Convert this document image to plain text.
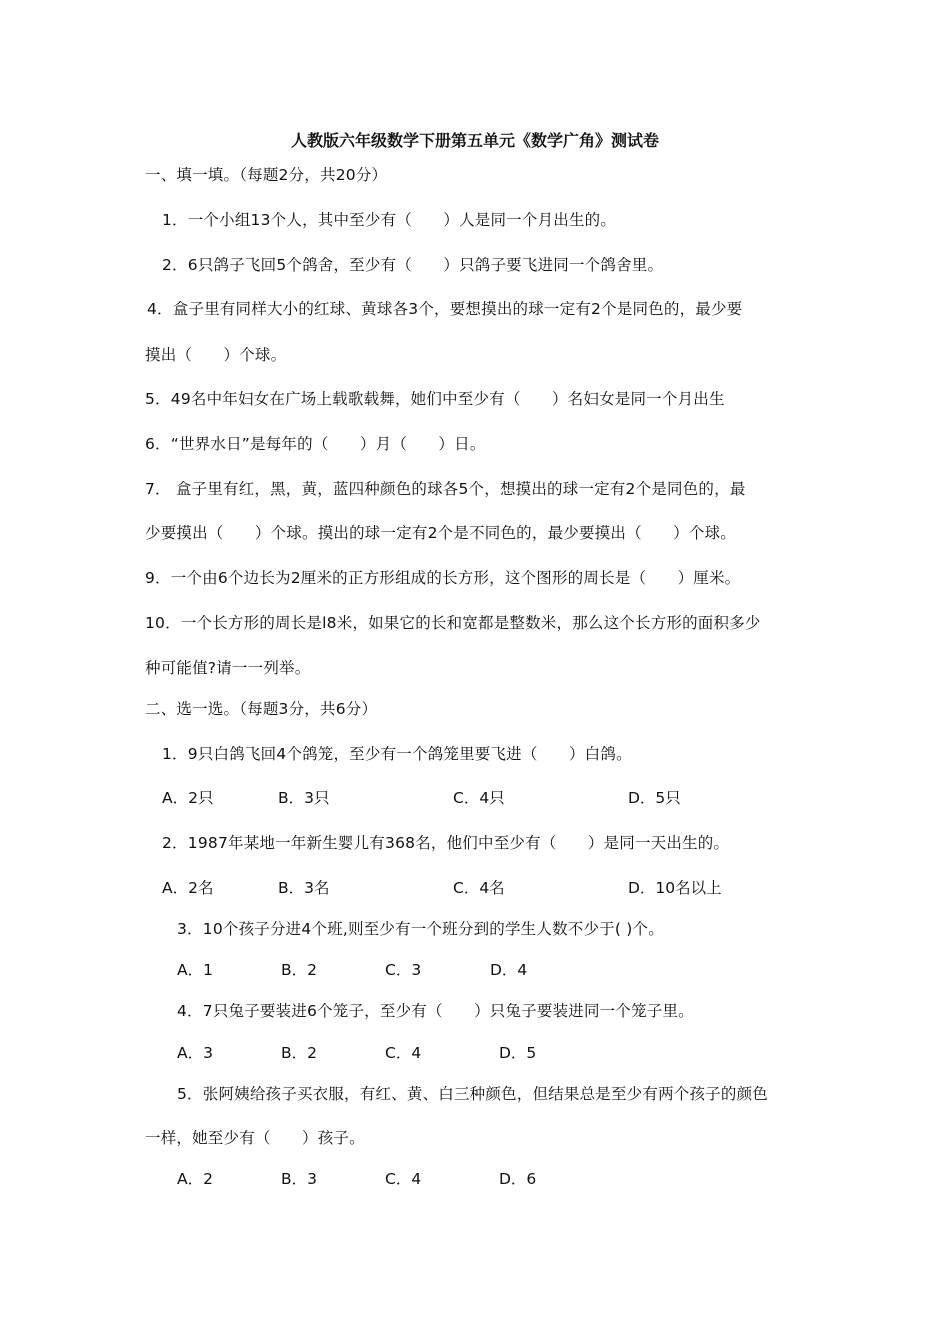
人教版六年级数学下册第五单元《数学广角》测试卷
一、填一填。（每题2分，共20分）
1．一个小组13个人，其中至少有（　　）人是同一个月出生的。
2．6只鸽子飞回5个鸽舍，至少有（　　）只鸽子要飞进同一个鸽舍里。
4．盒子里有同样大小的红球、黄球各3个，要想摸出的球一定有2个是同色的，最少要
摸出（　　）个球。
5．49名中年妇女在广场上载歌载舞，她们中至少有（　　）名妇女是同一个月出生
6．“世界水日”是每年的（　　）月（　　）日。
7． 盒子里有红，黑，黄，蓝四种颜色的球各5个，想摸出的球一定有2个是同色的，最
少要摸出（　　）个球。摸出的球一定有2个是不同色的，最少要摸出（　　）个球。
9．一个由6个边长为2厘米的正方形组成的长方形，这个图形的周长是（　　）厘米。
10．一个长方形的周长是l8米，如果它的长和宽都是整数米，那么这个长方形的面积多少
种可能值?请一一列举。
二、选一选。（每题3分，共6分）
1．9只白鸽飞回4个鸽笼，至少有一个鸽笼里要飞进（　　）白鸽。
A．2只	B．3只	C．4只	D．5只
2．1987年某地一年新生婴儿有368名，他们中至少有（　　）是同一天出生的。
A．2名	B．3名	C．4名	D．10名以上
3．10个孩子分进4个班,则至少有一个班分到的学生人数不少于( )个。
A．1	B．2	C．3	D．4
4．7只兔子要装进6个笼子，至少有（　　）只兔子要装进同一个笼子里。
A．3	B．2	C．4	D．5
5．张阿姨给孩子买衣服，有红、黄、白三种颜色，但结果总是至少有两个孩子的颜色
一样，她至少有（　　）孩子。
A．2	B．3	C．4	D．6
